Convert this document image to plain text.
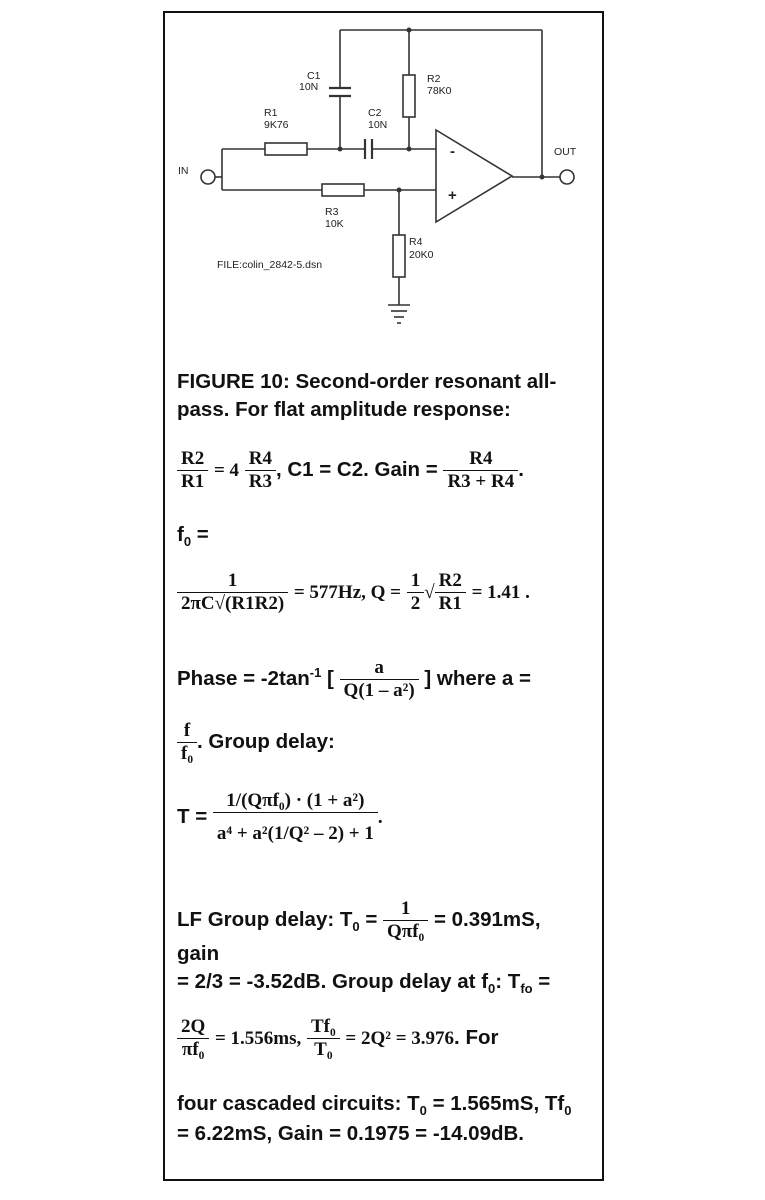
C1
10N
R2
78K0
R1
9K76
C2
10N
IN
OUT
R3
10K
R4
20K0
FILE:colin_2842-5.dsn
-
+
FIGURE 10: Second-order resonant all-pass. For flat amplitude response:
$\frac{R2}{R1} = 4 \frac{R4}{R3}$ , C1 = C2. Gain = $\frac{R4}{R3 + R4}$ .
$f_0$ =
$\frac{1}{2\pi C√(R1R2)} = 577Hz$, $Q = \frac{1}{2}$ √ $\frac{R2}{R1} = 1.41$ .
Phase = $-2\tan^{-1}$ [ $\frac{a}{\text{Q(1 – a²)}}$ ] where a =
$\frac{f}{\text{f₀}}$ . Group delay:
$T = \frac{\text{1/(Qπf₀) · (1 + a²)}}{\text{a⁴ + a²(1/Q² – 2) + 1}}$ .
LF Group delay: $T_0 = \frac{1}{\text{Qπf₀}} = 0.391mS$,
gain
= 2/3 = -3.52dB. Group delay at $f_0$: $T_{fo}$ =
$\frac{2Q}{\text{πf₀}} = 1.556ms$, $\frac{\text{Tf₀}}{\text{T₀}} = 2Q^2 = 3.976$. For
four cascaded circuits: $T_0 = 1.565mS$, $Tf_0$
= 6.22mS, Gain = 0.1975 = -14.09dB.
